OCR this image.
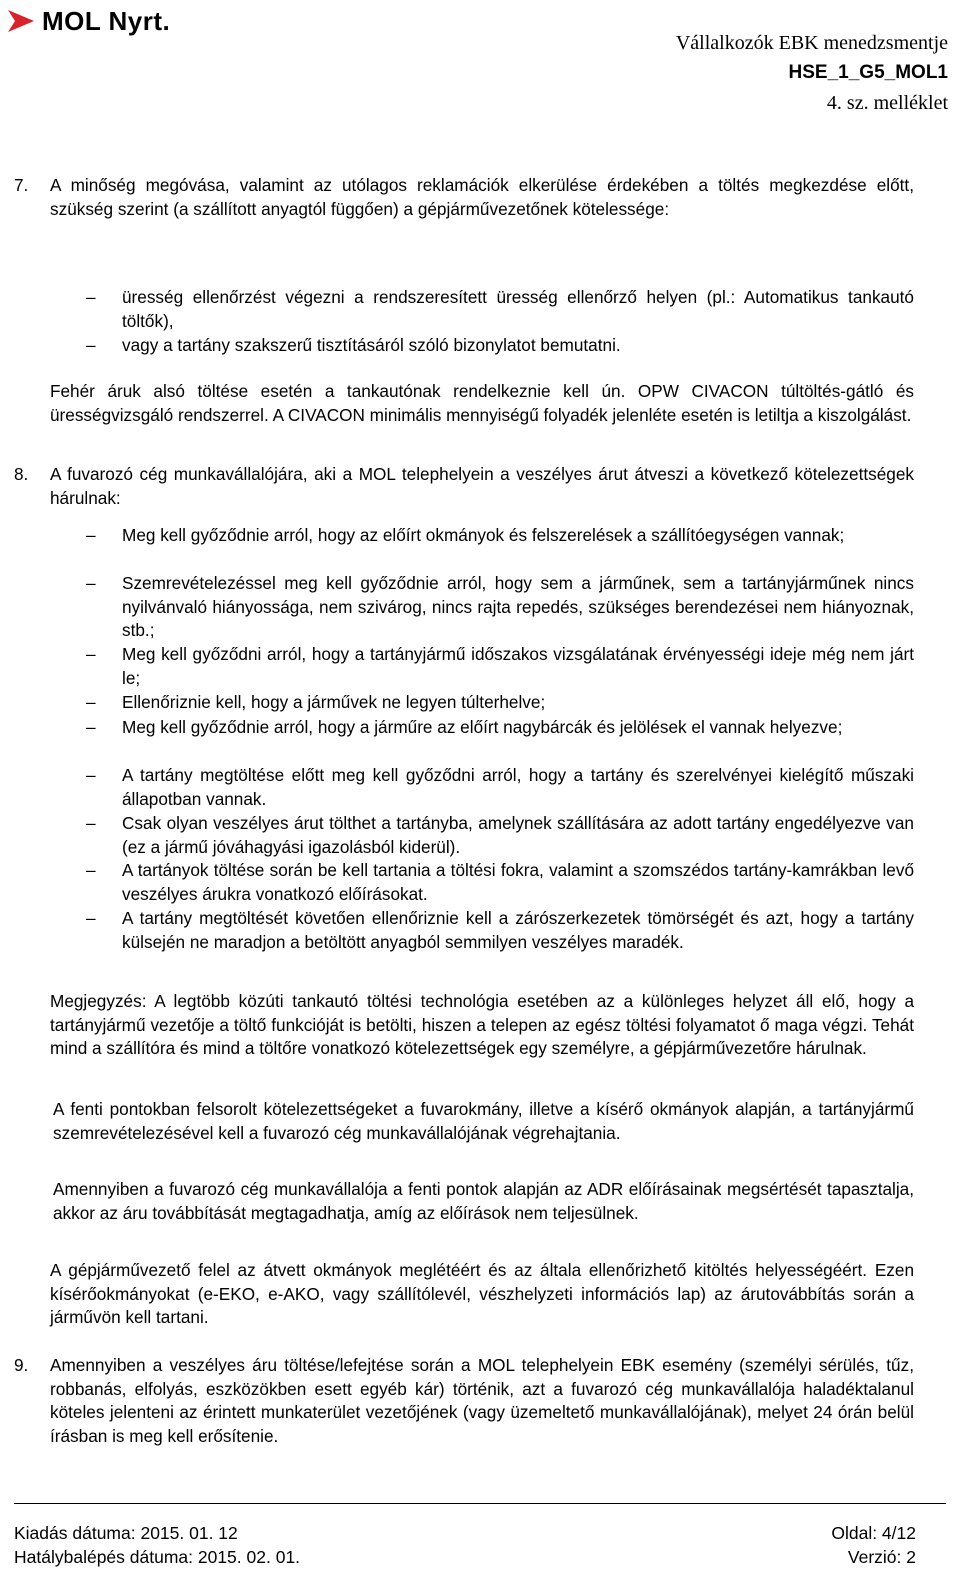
MOL Nyrt.
Vállalkozók EBK menedzsmentje
HSE_1_G5_MOL1
4. sz. melléklet
7. A minőség megóvása, valamint az utólagos reklamációk elkerülése érdekében a töltés megkezdése előtt, szükség szerint (a szállított anyagtól függően) a gépjárművezetőnek kötelessége:
– üresség ellenőrzést végezni a rendszeresített üresség ellenőrző helyen (pl.: Automatikus tankautó töltők),
– vagy a tartány szakszerű tisztításáról szóló bizonylatot bemutatni.
Fehér áruk alsó töltése esetén a tankautónak rendelkeznie kell ún. OPW CIVACON túltöltés-gátló és ürességvizsgáló rendszerrel. A CIVACON minimális mennyiségű folyadék jelenléte esetén is letiltja a kiszolgálást.
8. A fuvarozó cég munkavállalójára, aki a MOL telephelyein a veszélyes árut átveszi a következő kötelezettségek hárulnak:
– Meg kell győződnie arról, hogy az előírt okmányok és felszerelések a szállítóegységen vannak;
– Szemrevételezéssel meg kell győződnie arról, hogy sem a járműnek, sem a tartányjárműnek nincs nyilvánvaló hiányossága, nem szivárog, nincs rajta repedés, szükséges berendezései nem hiányoznak, stb.;
– Meg kell győződni arról, hogy a tartányjármű időszakos vizsgálatának érvényességi ideje még nem járt le;
– Ellenőriznie kell, hogy a járművek ne legyen túlterhelve;
– Meg kell győződnie arról, hogy a járműre az előírt nagybárcák és jelölések el vannak helyezve;
– A tartány megtöltése előtt meg kell győződni arról, hogy a tartány és szerelvényei kielégítő műszaki állapotban vannak.
– Csak olyan veszélyes árut tölthet a tartányba, amelynek szállítására az adott tartány engedélyezve van (ez a jármű jóváhagyási igazolásból kiderül).
– A tartányok töltése során be kell tartania a töltési fokra, valamint a szomszédos tartány-kamrákban levő veszélyes árukra vonatkozó előírásokat.
– A tartány megtöltését követően ellenőriznie kell a zárószerkezetek tömörségét és azt, hogy a tartány külsején ne maradjon a betöltött anyagból semmilyen veszélyes maradék.
Megjegyzés: A legtöbb közúti tankautó töltési technológia esetében az a különleges helyzet áll elő, hogy a tartányjármű vezetője a töltő funkcióját is betölti, hiszen a telepen az egész töltési folyamatot ő maga végzi. Tehát mind a szállítóra és mind a töltőre vonatkozó kötelezettségek egy személyre, a gépjárművezetőre hárulnak.
A fenti pontokban felsorolt kötelezettségeket a fuvarokmány, illetve a kísérő okmányok alapján, a tartányjármű szemrevételezésével kell a fuvarozó cég munkavállalójának végrehajtania.
Amennyiben a fuvarozó cég munkavállalója a fenti pontok alapján az ADR előírásainak megsértését tapasztalja, akkor az áru továbbítását megtagadhatja, amíg az előírások nem teljesülnek.
A gépjárművezető felel az átvett okmányok meglétéért és az általa ellenőrizhető kitöltés helyességéért. Ezen kísérőokmányokat (e-EKO, e-AKO, vagy szállítólevél, vészhelyzeti információs lap) az árutovábbítás során a járművön kell tartani.
9. Amennyiben a veszélyes áru töltése/lefejtése során a MOL telephelyein EBK esemény (személyi sérülés, tűz, robbanás, elfolyás, eszközökben esett egyéb kár) történik, azt a fuvarozó cég munkavállalója haladéktalanul köteles jelenteni az érintett munkaterület vezetőjének (vagy üzemeltető munkavállalójának), melyet 24 órán belül írásban is meg kell erősítenie.
Kiadás dátuma: 2015. 01. 12
Hatálybalépés dátuma: 2015. 02. 01.
Oldal: 4/12
Verzió: 2
